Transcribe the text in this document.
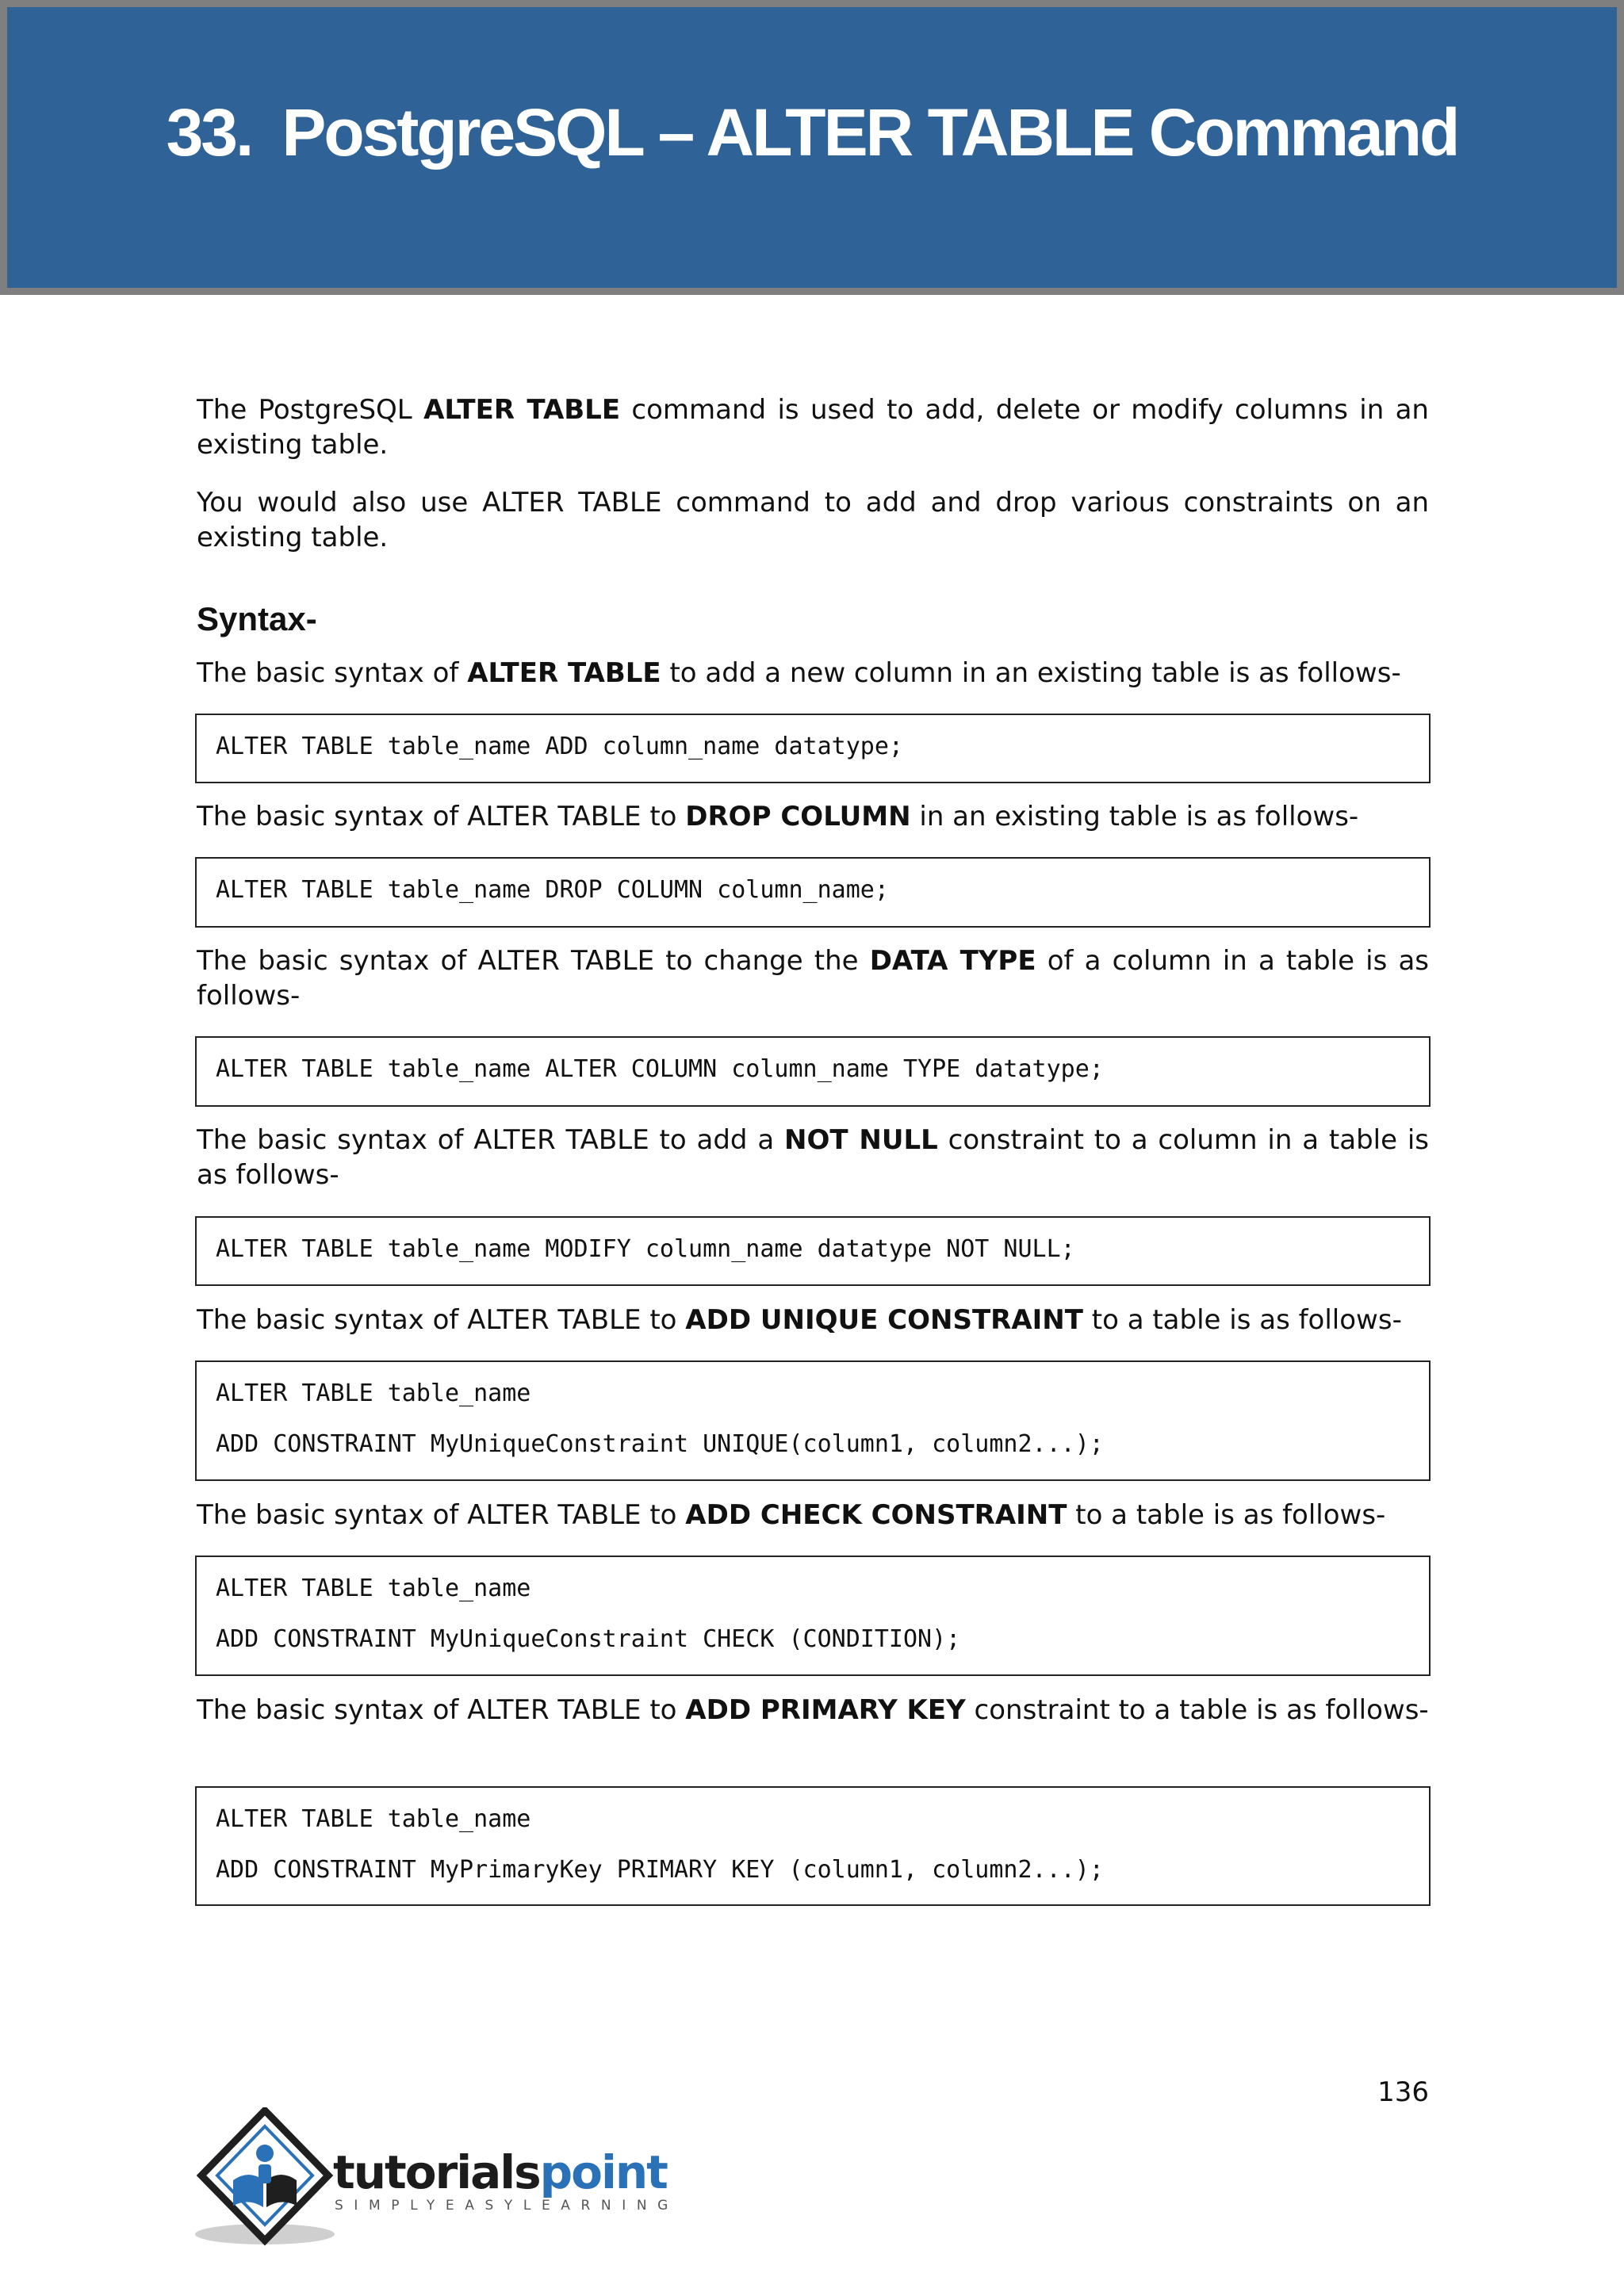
33. PostgreSQL – ALTER TABLE Command

The PostgreSQL ALTER TABLE command is used to add, delete or modify columns in an existing table.

You would also use ALTER TABLE command to add and drop various constraints on an existing table.

Syntax-

The basic syntax of ALTER TABLE to add a new column in an existing table is as follows-

ALTER TABLE table_name ADD column_name datatype;

The basic syntax of ALTER TABLE to DROP COLUMN in an existing table is as follows-

ALTER TABLE table_name DROP COLUMN column_name;

The basic syntax of ALTER TABLE to change the DATA TYPE of a column in a table is as follows-

ALTER TABLE table_name ALTER COLUMN column_name TYPE datatype;

The basic syntax of ALTER TABLE to add a NOT NULL constraint to a column in a table is as follows-

ALTER TABLE table_name MODIFY column_name datatype NOT NULL;

The basic syntax of ALTER TABLE to ADD UNIQUE CONSTRAINT to a table is as follows-

ALTER TABLE table_name
ADD CONSTRAINT MyUniqueConstraint UNIQUE(column1, column2...);

The basic syntax of ALTER TABLE to ADD CHECK CONSTRAINT to a table is as follows-

ALTER TABLE table_name
ADD CONSTRAINT MyUniqueConstraint CHECK (CONDITION);

The basic syntax of ALTER TABLE to ADD PRIMARY KEY constraint to a table is as follows-

ALTER TABLE table_name
ADD CONSTRAINT MyPrimaryKey PRIMARY KEY (column1, column2...);
136
tutorialspoint
SIMPLYEASYLEARNING
